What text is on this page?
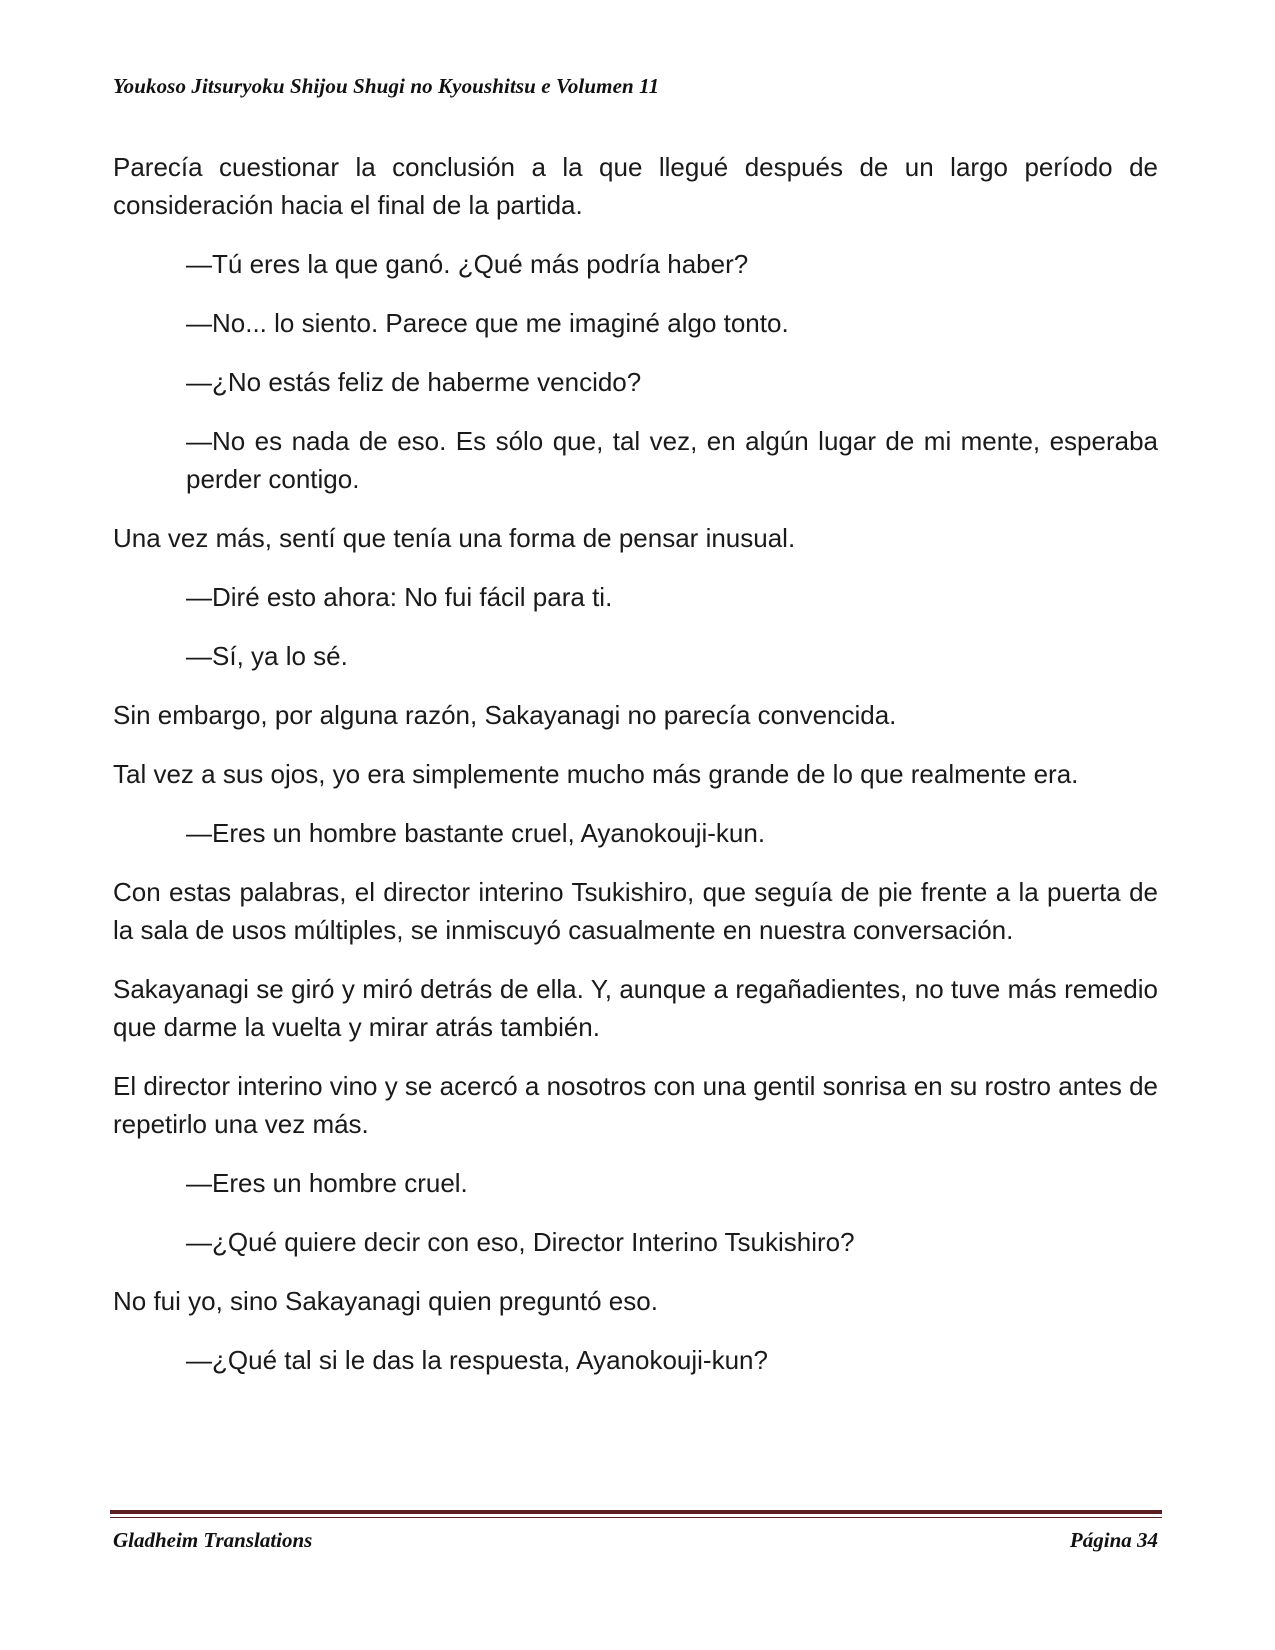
Youkoso Jitsuryoku Shijou Shugi no Kyoushitsu e Volumen 11

Parecía cuestionar la conclusión a la que llegué después de un largo período de consideración hacia el final de la partida.

—Tú eres la que ganó. ¿Qué más podría haber?

—No... lo siento. Parece que me imaginé algo tonto.

—¿No estás feliz de haberme vencido?

—No es nada de eso. Es sólo que, tal vez, en algún lugar de mi mente, esperaba perder contigo.

Una vez más, sentí que tenía una forma de pensar inusual.

—Diré esto ahora: No fui fácil para ti.

—Sí, ya lo sé.

Sin embargo, por alguna razón, Sakayanagi no parecía convencida.

Tal vez a sus ojos, yo era simplemente mucho más grande de lo que realmente era.

—Eres un hombre bastante cruel, Ayanokouji-kun.

Con estas palabras, el director interino Tsukishiro, que seguía de pie frente a la puerta de la sala de usos múltiples, se inmiscuyó casualmente en nuestra conversación.

Sakayanagi se giró y miró detrás de ella. Y, aunque a regañadientes, no tuve más remedio que darme la vuelta y mirar atrás también.

El director interino vino y se acercó a nosotros con una gentil sonrisa en su rostro antes de repetirlo una vez más.

—Eres un hombre cruel.

—¿Qué quiere decir con eso, Director Interino Tsukishiro?

No fui yo, sino Sakayanagi quien preguntó eso.

—¿Qué tal si le das la respuesta, Ayanokouji-kun?

Gladheim Translations	Página 34
